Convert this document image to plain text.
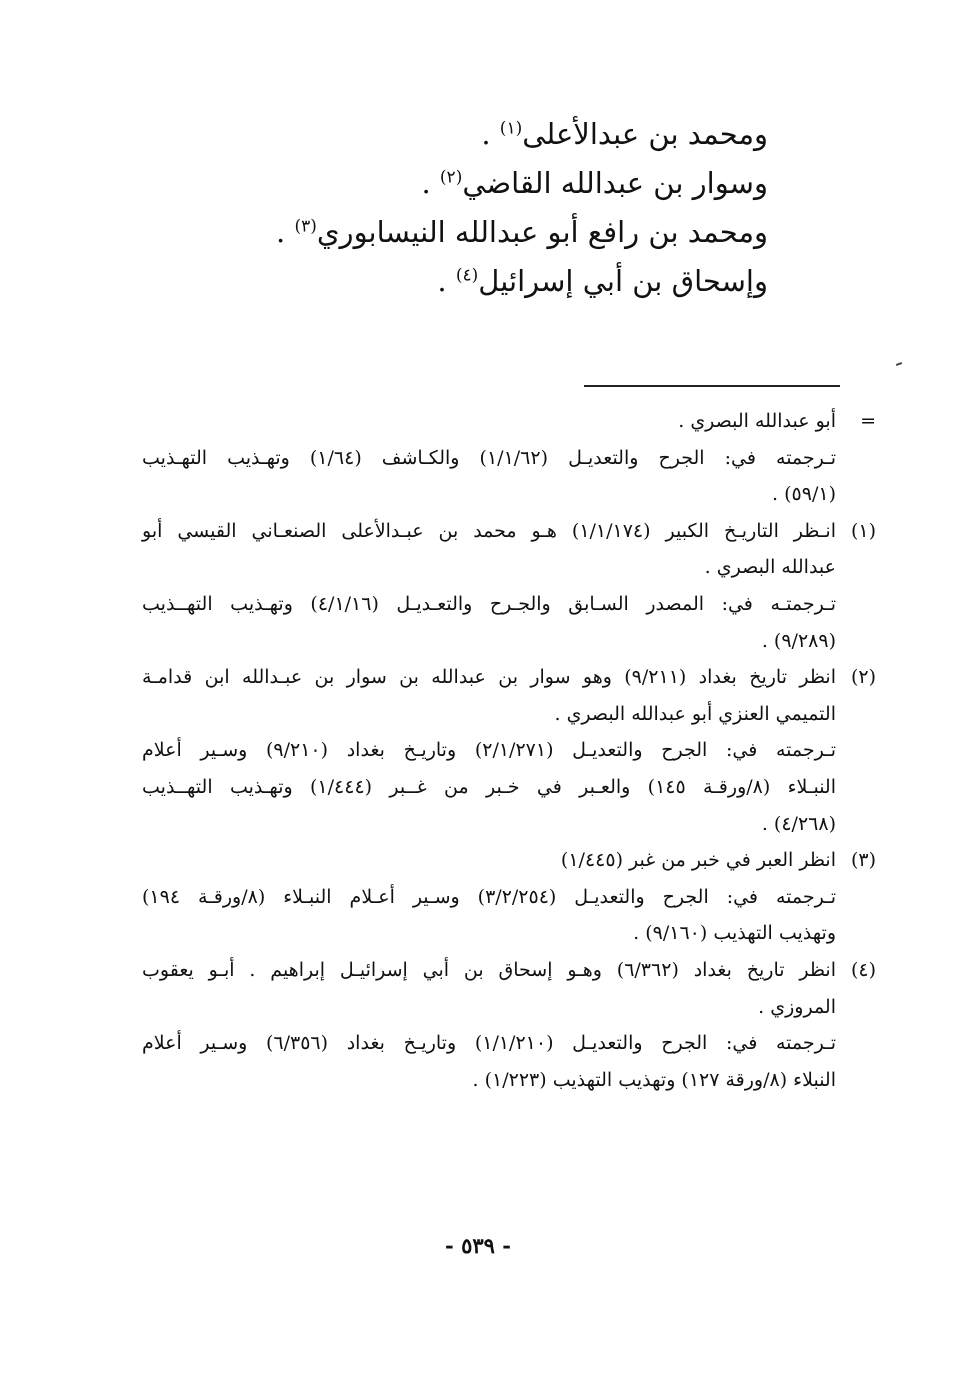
ومحمد بن عبدالأعلى$^{(١)}$ .
وسوار بن عبدالله القاضي$^{(٢)}$ .
ومحمد بن رافع أبو عبدالله النيسابوري$^{(٣)}$ .
وإسحاق بن أبي إسرائيل$^{(٤)}$ .
=
أبو عبدالله البصري .
تـرجمته في: الجرح والتعديـل (١/١/٦٢) والكـاشف (١/٦٤) وتهـذيب التهـذيب
(٥٩/١) .
(١)
انـظر التاريـخ الكبير (١/١/١٧٤) هـو محمد بن عبـدالأعلى الصنعـاني القيسي أبو
عبدالله البصري .
تـرجمتـه في: المصدر السـابق والجـرح والتعـديـل (٤/١/١٦) وتهـذيب التهــذيب
(٩/٢٨٩) .
(٢)
انظر تاريخ بغداد (٩/٢١١) وهو سوار بن عبدالله بن سوار بن عبـدالله ابن قدامـة
التميمي العنزي أبو عبدالله البصري .
تـرجمته في: الجرح والتعديـل (٢/١/٢٧١) وتاريـخ بغداد (٩/٢١٠) وسـير أعلام
النبـلاء (٨/ورقـة ١٤٥) والعـبر في خـبر من غــبر (١/٤٤٤) وتهـذيب التهــذيب
(٤/٢٦٨) .
(٣)
انظر العبر في خبر من غبر (١/٤٤٥)
تـرجمته في: الجرح والتعديـل (٣/٢/٢٥٤) وسـير أعـلام النبـلاء (٨/ورقـة ١٩٤)
وتهذيب التهذيب (٩/١٦٠) .
(٤)
انظر تاريخ بغداد (٦/٣٦٢) وهـو إسحاق بن أبي إسرائيـل إبراهيم . أبـو يعقوب
المروزي .
تـرجمته في: الجرح والتعديـل (١/١/٢١٠) وتاريـخ بغداد (٦/٣٥٦) وسـير أعلام
النبلاء (٨/ورقة ١٢٧) وتهذيب التهذيب (١/٢٢٣) .
- ٥٣٩ -
